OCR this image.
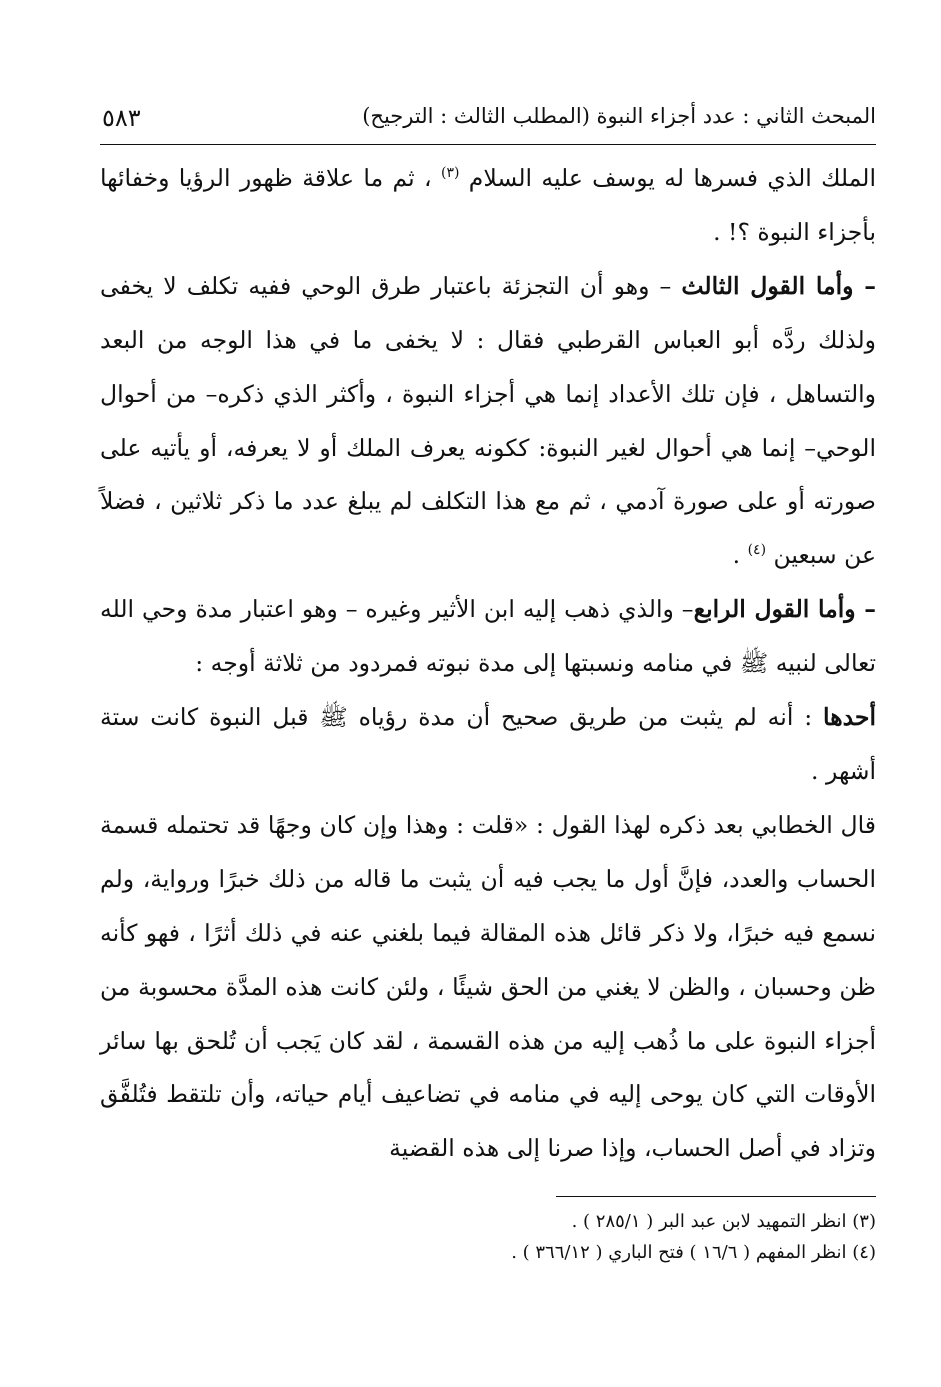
المبحث الثاني : عدد أجزاء النبوة (المطلب الثالث : الترجيح)
٥٨٣

الملك الذي فسرها له يوسف عليه السلام $^{(٣)}$ ، ثم ما علاقة ظهور الرؤيا وخفائها بأجزاء النبوة ؟! .

– وأما القول الثالث – وهو أن التجزئة باعتبار طرق الوحي ففيه تكلف لا يخفى ولذلك ردَّه أبو العباس القرطبي فقال : لا يخفى ما في هذا الوجه من البعد والتساهل ، فإن تلك الأعداد إنما هي أجزاء النبوة ، وأكثر الذي ذكره– من أحوال الوحي– إنما هي أحوال لغير النبوة: ككونه يعرف الملك أو لا يعرفه، أو يأتيه على صورته أو على صورة آدمي ، ثم مع هذا التكلف لم يبلغ عدد ما ذكر ثلاثين ، فضلاً عن سبعين $^{(٤)}$ .

– وأما القول الرابع– والذي ذهب إليه ابن الأثير وغيره – وهو اعتبار مدة وحي الله تعالى لنبيه ﷺ في منامه ونسبتها إلى مدة نبوته فمردود من ثلاثة أوجه :

أحدها : أنه لم يثبت من طريق صحيح أن مدة رؤياه ﷺ قبل النبوة كانت ستة أشهر .

قال الخطابي بعد ذكره لهذا القول : «قلت : وهذا وإن كان وجهًا قد تحتمله قسمة الحساب والعدد، فإنَّ أول ما يجب فيه أن يثبت ما قاله من ذلك خبرًا ورواية، ولم نسمع فيه خبرًا، ولا ذكر قائل هذه المقالة فيما بلغني عنه في ذلك أثرًا ، فهو كأنه ظن وحسبان ، والظن لا يغني من الحق شيئًا ، ولئن كانت هذه المدَّة محسوبة من أجزاء النبوة على ما ذُهب إليه من هذه القسمة ، لقد كان يَجب أن تُلحق بها سائر الأوقات التي كان يوحى إليه في منامه في تضاعيف أيام حياته، وأن تلتقط فتُلفَّق وتزاد في أصل الحساب، وإذا صرنا إلى هذه القضية

(٣) انظر التمهيد لابن عبد البر ( ٢٨٥/١ ) .

(٤) انظر المفهم ( ١٦/٦ ) فتح الباري ( ٣٦٦/١٢ ) .
